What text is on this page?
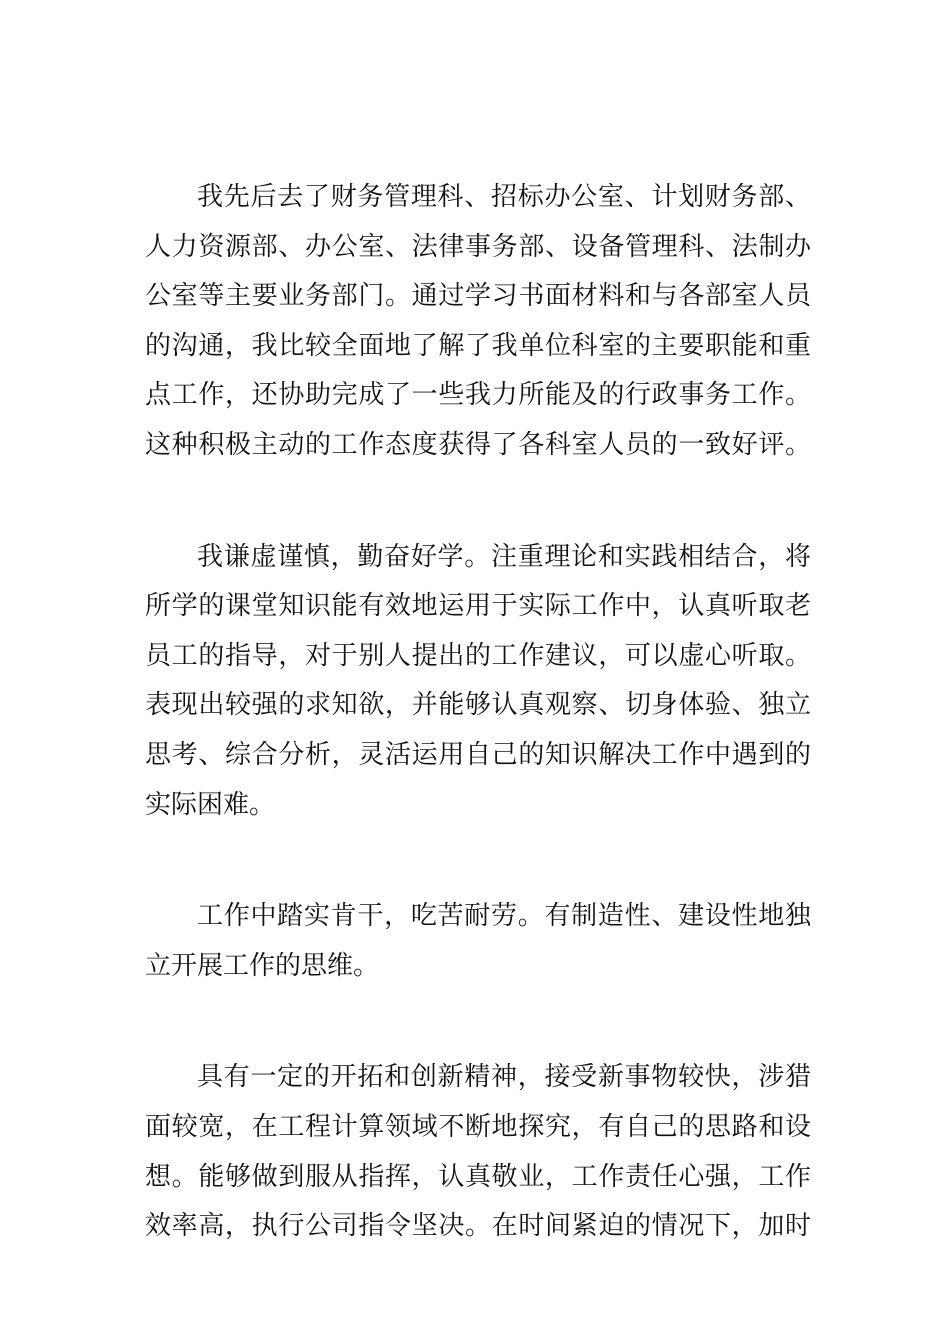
我先后去了财务管理科、招标办公室、计划财务部、
人力资源部、办公室、法律事务部、设备管理科、法制办
公室等主要业务部门。通过学习书面材料和与各部室人员
的沟通，我比较全面地了解了我单位科室的主要职能和重
点工作，还协助完成了一些我力所能及的行政事务工作。
这种积极主动的工作态度获得了各科室人员的一致好评。
我谦虚谨慎，勤奋好学。注重理论和实践相结合，将
所学的课堂知识能有效地运用于实际工作中，认真听取老
员工的指导，对于别人提出的工作建议，可以虚心听取。
表现出较强的求知欲，并能够认真观察、切身体验、独立
思考、综合分析，灵活运用自己的知识解决工作中遇到的
实际困难。
工作中踏实肯干，吃苦耐劳。有制造性、建设性地独
立开展工作的思维。
具有一定的开拓和创新精神，接受新事物较快，涉猎
面较宽，在工程计算领域不断地探究，有自己的思路和设
想。能够做到服从指挥，认真敬业，工作责任心强，工作
效率高，执行公司指令坚决。在时间紧迫的情况下，加时
